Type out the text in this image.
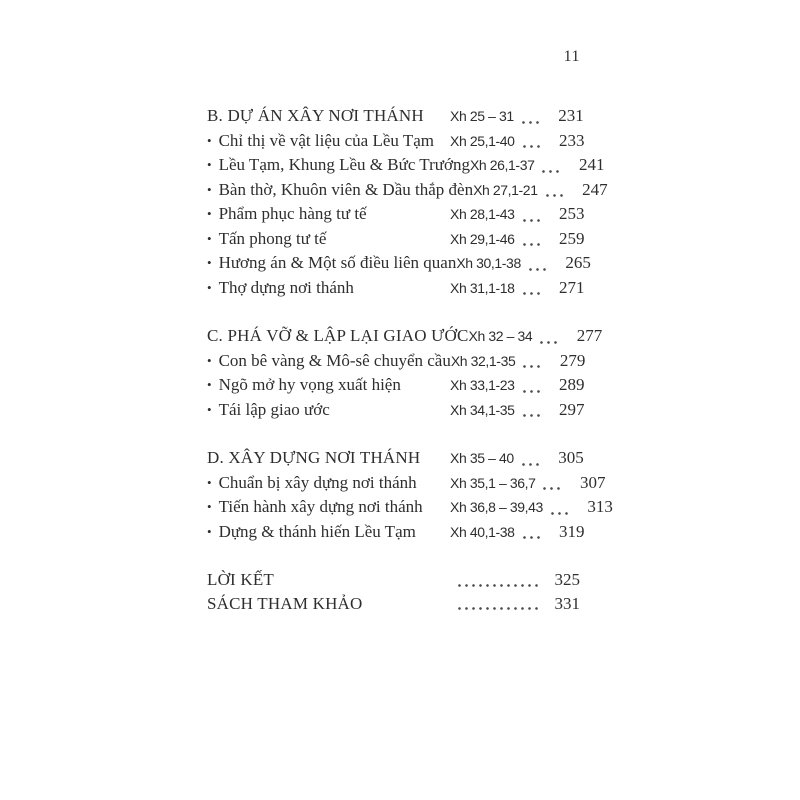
11
B. DỰ ÁN XÂY NƠI THÁNH	Xh 25 – 31	231
• Chỉ thị về vật liệu của Lều Tạm	Xh 25,1-40	233
• Lều Tạm, Khung Lều & Bức Trướng Xh 26,1-37	241
• Bàn thờ, Khuôn viên & Dầu thắp đèn Xh 27,1-21	247
• Phẩm phục hàng tư tế	Xh 28,1-43	253
• Tấn phong tư tế	Xh 29,1-46	259
• Hương án & Một số điều liên quan Xh 30,1-38	265
• Thợ dựng nơi thánh	Xh 31,1-18	271
C. PHÁ VỠ & LẬP LẠI GIAO ƯỚC Xh 32 – 34	277
• Con bê vàng & Mô-sê chuyển cầu Xh 32,1-35	279
• Ngõ mở hy vọng xuất hiện	Xh 33,1-23	289
• Tái lập giao ước	Xh 34,1-35	297
D. XÂY DỰNG NƠI THÁNH	Xh 35 – 40	305
• Chuẩn bị xây dựng nơi thánh	Xh 35,1 – 36,7	307
• Tiến hành xây dựng nơi thánh	Xh 36,8 – 39,43	313
• Dựng & thánh hiến Lều Tạm	Xh 40,1-38	319
LỜI KẾT	325
SÁCH THAM KHẢO	331
